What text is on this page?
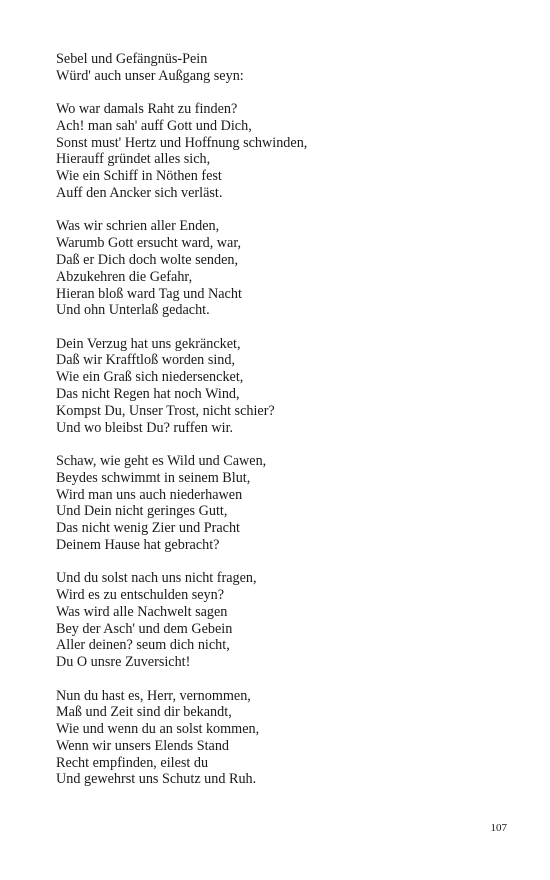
Sebel und Gefängnüs-Pein
Würd' auch unser Außgang seyn:
Wo war damals Raht zu finden?
Ach! man sah' auff Gott und Dich,
Sonst must' Hertz und Hoffnung schwinden,
Hierauff gründet alles sich,
Wie ein Schiff in Nöthen fest
Auff den Ancker sich verläst.
Was wir schrien aller Enden,
Warumb Gott ersucht ward, war,
Daß er Dich doch wolte senden,
Abzukehren die Gefahr,
Hieran bloß ward Tag und Nacht
Und ohn Unterlaß gedacht.
Dein Verzug hat uns gekräncket,
Daß wir Krafftloß worden sind,
Wie ein Graß sich niedersencket,
Das nicht Regen hat noch Wind,
Kompst Du, Unser Trost, nicht schier?
Und wo bleibst Du? ruffen wir.
Schaw, wie geht es Wild und Cawen,
Beydes schwimmt in seinem Blut,
Wird man uns auch niederhawen
Und Dein nicht geringes Gutt,
Das nicht wenig Zier und Pracht
Deinem Hause hat gebracht?
Und du solst nach uns nicht fragen,
Wird es zu entschulden seyn?
Was wird alle Nachwelt sagen
Bey der Asch' und dem Gebein
Aller deinen? seum dich nicht,
Du O unsre Zuversicht!
Nun du hast es, Herr, vernommen,
Maß und Zeit sind dir bekandt,
Wie und wenn du an solst kommen,
Wenn wir unsers Elends Stand
Recht empfinden, eilest du
Und gewehrst uns Schutz und Ruh.
107
